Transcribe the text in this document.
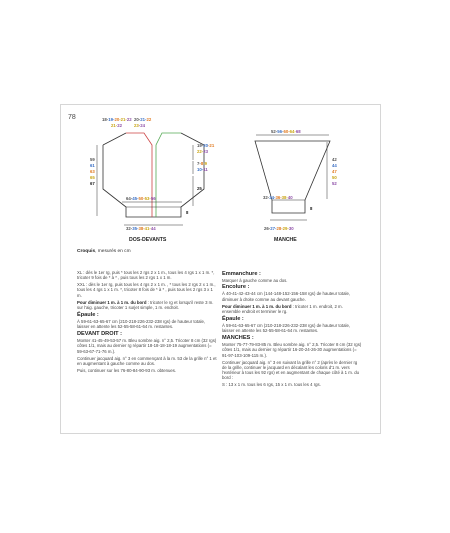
78	18-19-20-21-22
21-22
20-21-22
23-24
19-20-21
22-23
7-8-9
10-11
25
59
61
63
65
67
64-45-50-53-56
8
32-35-38-41-44
DOS-DEVANTS
52-56-60-64-68
42
44
47
50
52
32-34-36-38-40
8
26-27-28-29-30
MANCHE
Croquis, mesurés en cm

XL : dès le 1er rg, puis * tous les 2 rgs 2 x 1 m., tous les 4 rgs 1 x 1 m. *, tricoter 9 fois de * à * , puis tous les 2 rgs 1 x 1 m.

XXL : dès le 1er rg, puis tous les 4 rgs 2 x 1 m. , * tous les 2 rgs 2 x 1 m., tous les 4 rgs 1 x 1 m. *, tricoter 8 fois de * à * , puis tous les 2 rgs 3 x 1 m.

Pour diminuer 1 m. à 1 m. du bord : tricoter le rg et lorsqu'il reste 3 m. sur l'aig. gauche, tricoter 1 surjet simple, 1 m. endroit.

Épaule :

À 59-61-63-65-67 cm (210-218-226-232-238 rgs) de hauteur totale, laisser en attente les 52-55-58-61-64 m. restantes.

DEVANT DROIT :

Monter 41-45-49-53-57 m. Bleu sombre aig. n° 2,5. Tricoter 8 cm (32 rgs) côtes 1/1, mais au dernier rg répartir 18-18-18-18-19 augmentations (= 59-63-67-71-76 m.).

Continuer jacquard aig. n° 3 en commençant à la m. 53 de la grille n° 1 et en augmentant à gauche comme au dos.

Puis, continuer sur les 76-80-84-90-93 m. obtenues.

Emmanchure :

Marquer à gauche comme au dos.

Encolure :

À 40-41-42-43-44 cm (144-148-152-156-158 rgs) de hauteur totale, diminuer à droite comme au devant gauche.

Pour diminuer 1 m. à 1 m. du bord : tricoter 1 m. endroit, 2 m. ensemble endroit et terminer le rg.

Épaule :

À 59-61-63-65-67 cm (210-218-226-232-238 rgs) de hauteur totale, laisser en attente les 52-55-58-61-64 m. restantes.

MANCHES :

Monter 75-77-79-83-85 m. Bleu sombre aig. n° 2,5. Tricoter 8 cm (32 rgs) côtes 1/1, mais au dernier rg répartir 16-20-24-26-30 augmentations (= 91-97-103-109-115 m.).

Continuer jacquard aig. n° 3 en suivant la grille n° 2 (après le dernier rg de la grille, continuer le jacquard en décalant les coloris d'1 m. vers l'extérieur à tous les 92 rgs) et en augmentant de chaque côté à 1 m. du bord :

S : 13 x 1 m. tous les 6 rgs, 15 x 1 m. tous les 4 rgs.
